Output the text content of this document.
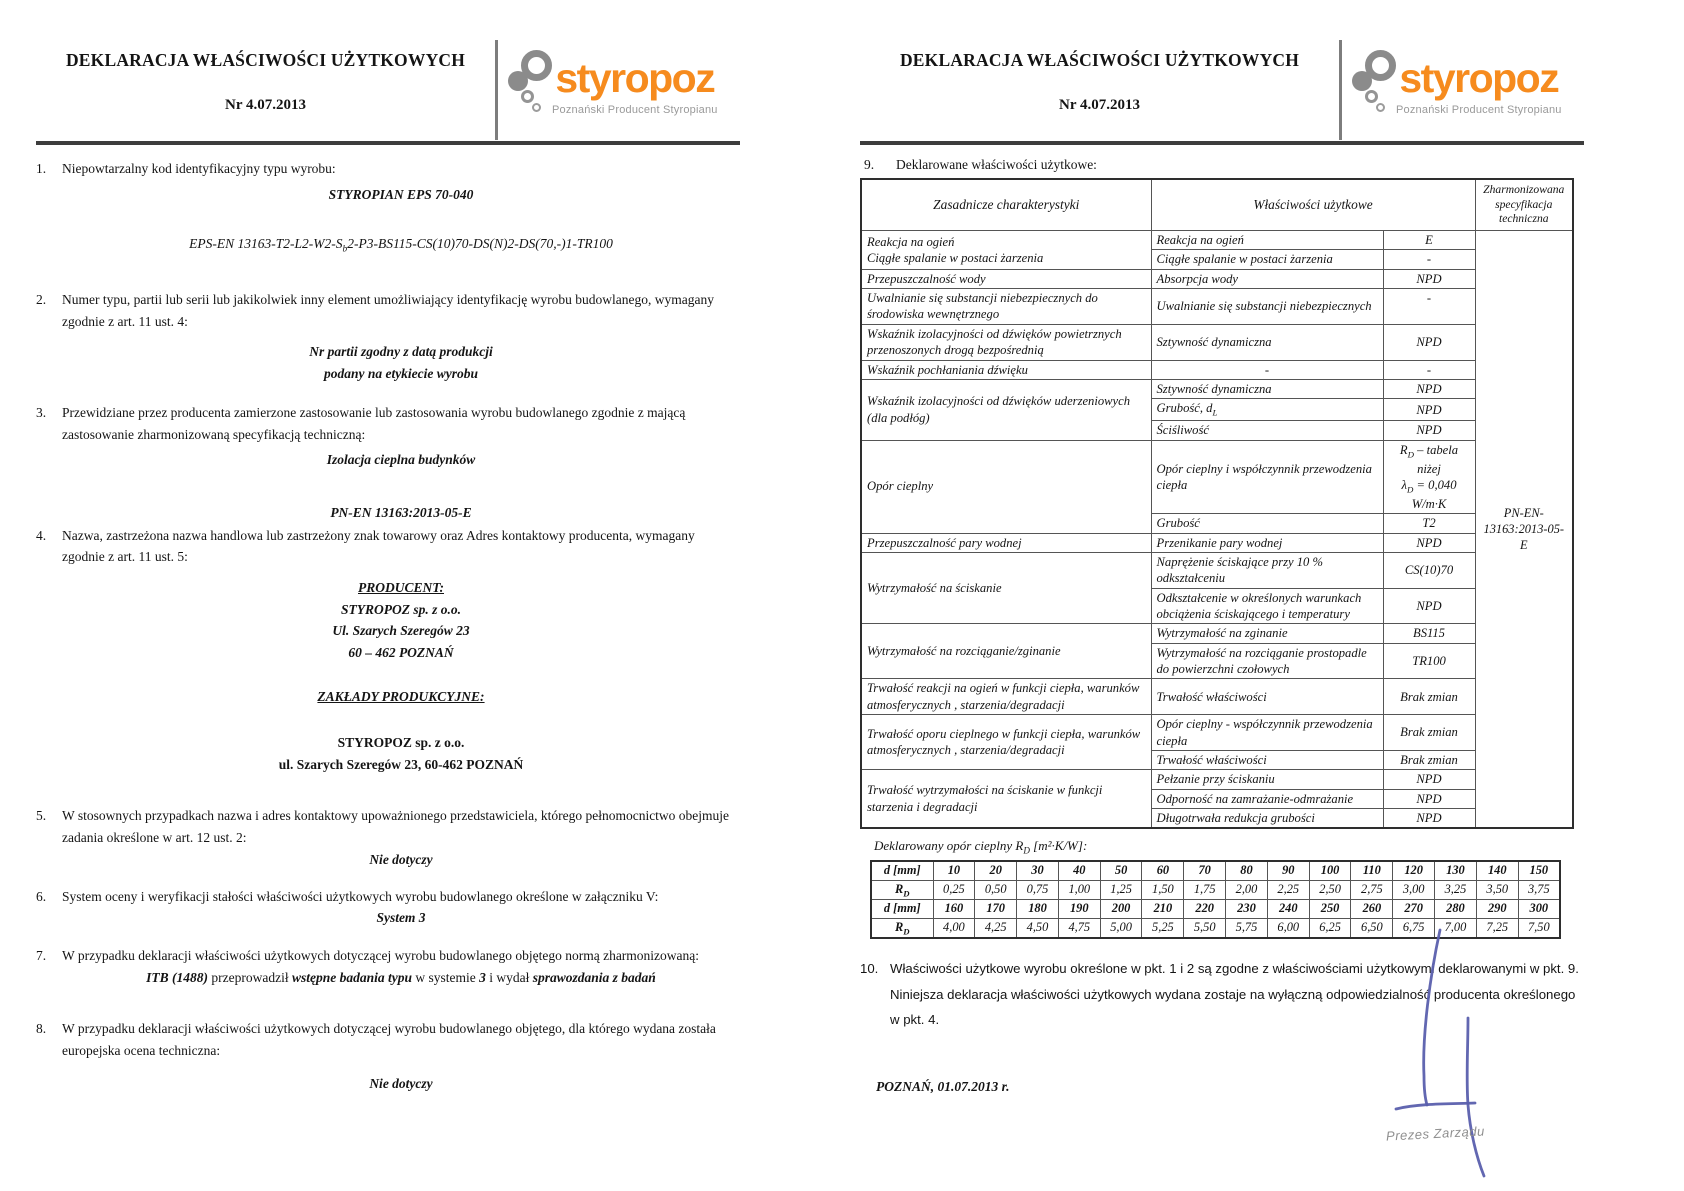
DEKLARACJA WŁAŚCIWOŚCI UŻYTKOWYCH
Nr 4.07.2013
styropoz
Poznański Producent Styropianu
1.	Niepowtarzalny kod identyfikacyjny typu wyrobu:
STYROPIAN EPS 70-040
EPS-EN $13163-T2-L2-W2-S_b2-P3-BS115-CS(10)70-DS(N)2-DS(70,-)1-TR100$
2.	Numer typu, partii lub serii lub jakikolwiek inny element umożliwiający identyfikację wyrobu budowlanego, wymagany zgodnie z art. 11 ust. 4:
Nr partii zgodny z datą produkcji
podany na etykiecie wyrobu
3.	Przewidziane przez producenta zamierzone zastosowanie lub zastosowania wyrobu budowlanego zgodnie z mającą zastosowanie zharmonizowaną specyfikacją techniczną:
Izolacja cieplna budynków
PN-EN 13163:2013-05-E
4.	Nazwa, zastrzeżona nazwa handlowa lub zastrzeżony znak towarowy oraz Adres kontaktowy producenta, wymagany zgodnie z art. 11 ust. 5:
PRODUCENT:
STYROPOZ sp. z o.o.
Ul. Szarych Szeregów 23
60 – 462 POZNAŃ
ZAKŁADY PRODUKCYJNE:
STYROPOZ sp. z o.o.
ul. Szarych Szeregów 23, 60-462 POZNAŃ
5.	W stosownych przypadkach nazwa i adres kontaktowy upoważnionego przedstawiciela, którego pełnomocnictwo obejmuje zadania określone w art. 12 ust. 2:
Nie dotyczy
6.	System oceny i weryfikacji stałości właściwości użytkowych wyrobu budowlanego określone w załączniku V:
System 3
7.	W przypadku deklaracji właściwości użytkowych dotyczącej wyrobu budowlanego objętego normą zharmonizowaną:
ITB (1488) przeprowadził wstępne badania typu w systemie 3 i wydał sprawozdania z badań
8.	W przypadku deklaracji właściwości użytkowych dotyczącej wyrobu budowlanego objętego, dla którego wydana została europejska ocena techniczna:
Nie dotyczy
DEKLARACJA WŁAŚCIWOŚCI UŻYTKOWYCH
Nr 4.07.2013
styropoz
Poznański Producent Styropianu
9.	Deklarowane właściwości użytkowe:
Zasadnicze charakterystyki	Właściwości użytkowe		Zharmonizowana specyfikacja techniczna
Reakcja na ogień
Ciągłe spalanie w postaci żarzenia	Reakcja na ogień	E	PN-EN-13163:2013-05-E
	Ciągłe spalanie w postaci żarzenia	-	
Przepuszczalność wody	Absorpcja wody	NPD	
Uwalnianie się substancji niebezpiecznych do środowiska wewnętrznego	Uwalnianie się substancji niebezpiecznych	-	
Wskaźnik izolacyjności od dźwięków powietrznych przenoszonych drogą bezpośrednią	Sztywność dynamiczna	NPD	
Wskaźnik pochłaniania dźwięku	-	-	
Wskaźnik izolacyjności od dźwięków uderzeniowych (dla podłóg)	Sztywność dynamiczna	NPD	
	Grubość, $d_L$	NPD	
	Ściśliwość	NPD	
Opór cieplny	Opór cieplny i współczynnik przewodzenia ciepła	$R_D$ – tabela niżej
$\lambda_D = 0,040$
W/m·K	
	Grubość	T2	
Przepuszczalność pary wodnej	Przenikanie pary wodnej	NPD	
Wytrzymałość na ściskanie	Naprężenie ściskające przy 10 % odkształceniu	CS(10)70	
	Odkształcenie w określonych warunkach obciążenia ściskającego i temperatury	NPD	
Wytrzymałość na rozciąganie/zginanie	Wytrzymałość na zginanie	BS115	
	Wytrzymałość na rozciąganie prostopadle do powierzchni czołowych	TR100	
Trwałość reakcji na ogień w funkcji ciepła, warunków atmosferycznych , starzenia/degradacji	Trwałość właściwości	Brak zmian	
Trwałość oporu cieplnego w funkcji ciepła, warunków atmosferycznych , starzenia/degradacji	Opór cieplny - współczynnik przewodzenia ciepła	Brak zmian	
	Trwałość właściwości	Brak zmian	
Trwałość wytrzymałości na ściskanie w funkcji starzenia i degradacji	Pełzanie przy ściskaniu	NPD	
	Odporność na zamrażanie-odmrażanie	NPD	
	Długotrwała redukcja grubości	NPD	
Deklarowany opór cieplny $R_D$ [m²·K/W]:
d [mm]	10	20	30	40	50	60	70	80	90	100	110	120	130	140	150
$R_D$	0,25	0,50	0,75	1,00	1,25	1,50	1,75	2,00	2,25	2,50	2,75	3,00	3,25	3,50	3,75
d [mm]	160	170	180	190	200	210	220	230	240	250	260	270	280	290	300
$R_D$	4,00	4,25	4,50	4,75	5,00	5,25	5,50	5,75	6,00	6,25	6,50	6,75	7,00	7,25	7,50
10. Właściwości użytkowe wyrobu określone w pkt. 1 i 2 są zgodne z właściwościami użytkowymi deklarowanymi w pkt. 9.
Niniejsza deklaracja właściwości użytkowych wydana zostaje na wyłączną odpowiedzialność producenta określonego w pkt. 4.
POZNAŃ, 01.07.2013 r.
Prezes Zarządu
